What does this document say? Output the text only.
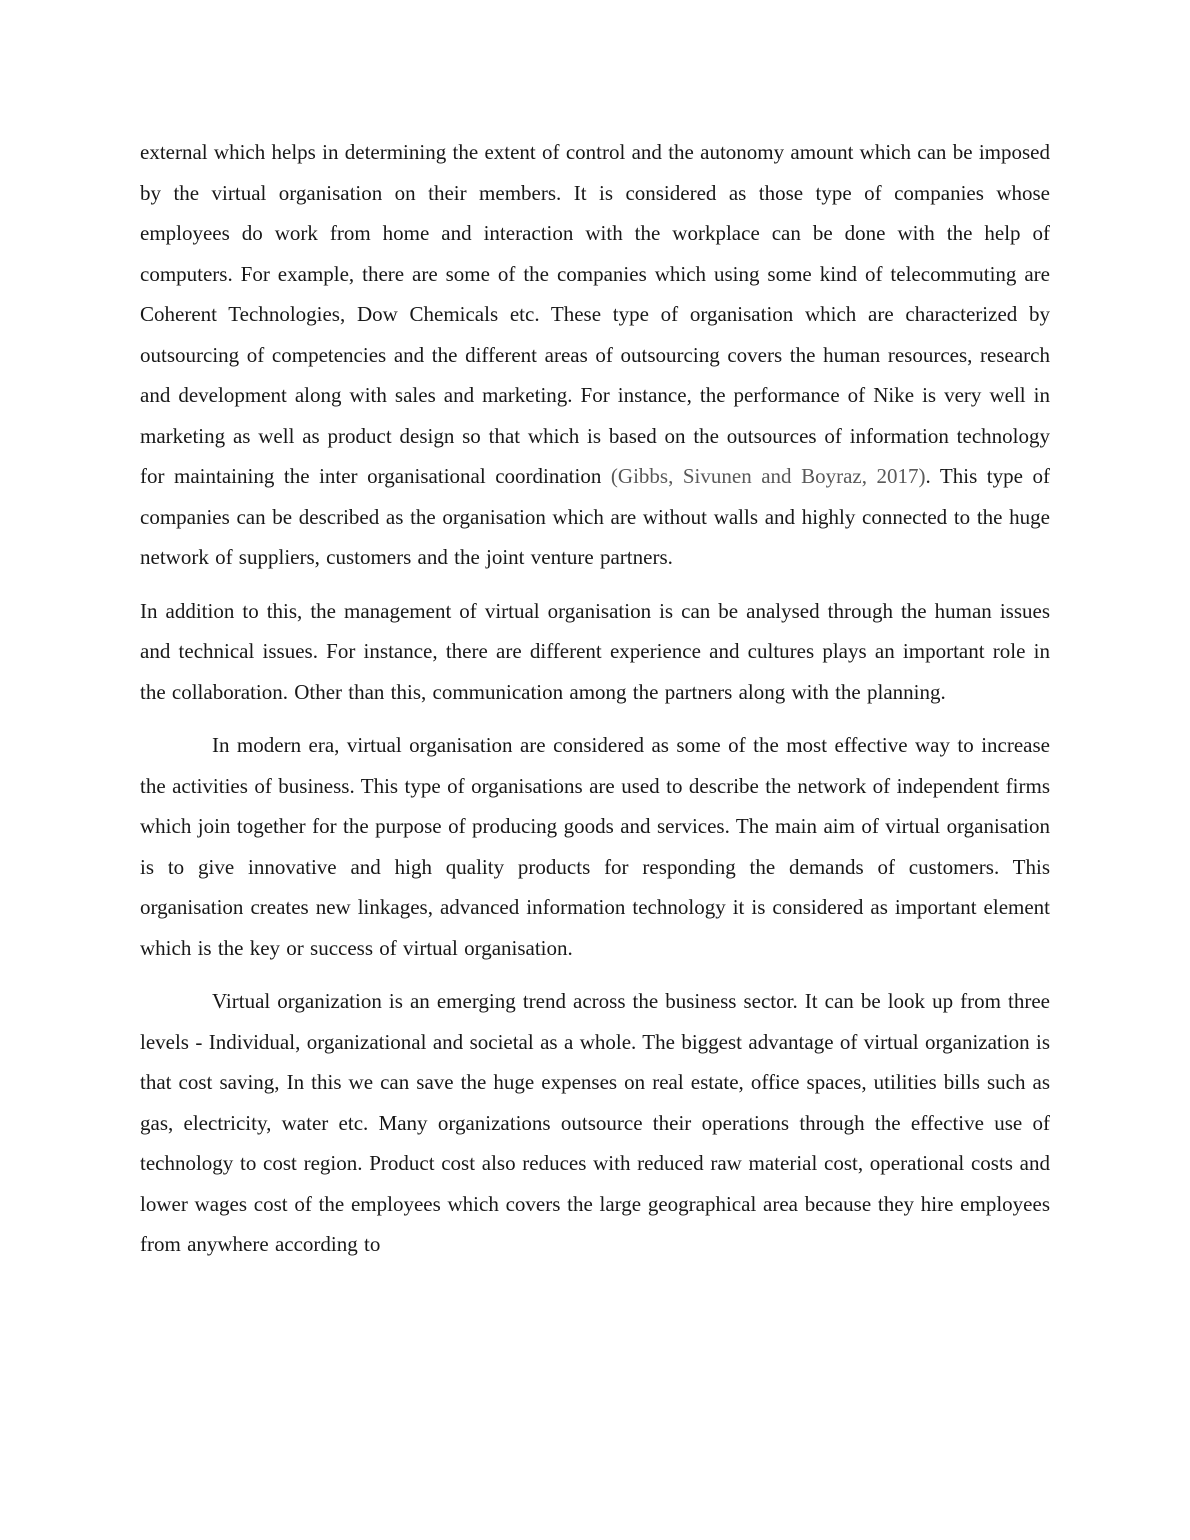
external which helps in determining the extent of control and the autonomy amount which can be imposed by the virtual organisation on their members. It is considered as those type of companies whose employees do work from home and interaction with the workplace can be done with the help of computers. For example, there are some of the companies which using some kind of telecommuting are Coherent Technologies, Dow Chemicals etc. These type of organisation which are characterized by outsourcing of competencies and the different areas of outsourcing covers the human resources, research and development along with sales and marketing. For instance, the performance of Nike is very well in marketing as well as product design so that which is based on the outsources of information technology for maintaining the inter organisational coordination (Gibbs, Sivunen and Boyraz, 2017). This type of companies can be described as the organisation which are without walls and highly connected to the huge network of suppliers, customers and the joint venture partners.

In addition to this, the management of virtual organisation is can be analysed through the human issues and technical issues. For instance, there are different experience and cultures plays an important role in the collaboration. Other than this, communication among the partners along with the planning.

In modern era, virtual organisation are considered as some of the most effective way to increase the activities of business. This type of organisations are used to describe the network of independent firms which join together for the purpose of producing goods and services. The main aim of virtual organisation is to give innovative and high quality products for responding the demands of customers. This organisation creates new linkages, advanced information technology it is considered as important element which is the key or success of virtual organisation.

Virtual organization is an emerging trend across the business sector. It can be look up from three levels - Individual, organizational and societal as a whole. The biggest advantage of virtual organization is that cost saving, In this we can save the huge expenses on real estate, office spaces, utilities bills such as gas, electricity, water etc. Many organizations outsource their operations through the effective use of technology to cost region. Product cost also reduces with reduced raw material cost, operational costs and lower wages cost of the employees which covers the large geographical area because they hire employees from anywhere according to
